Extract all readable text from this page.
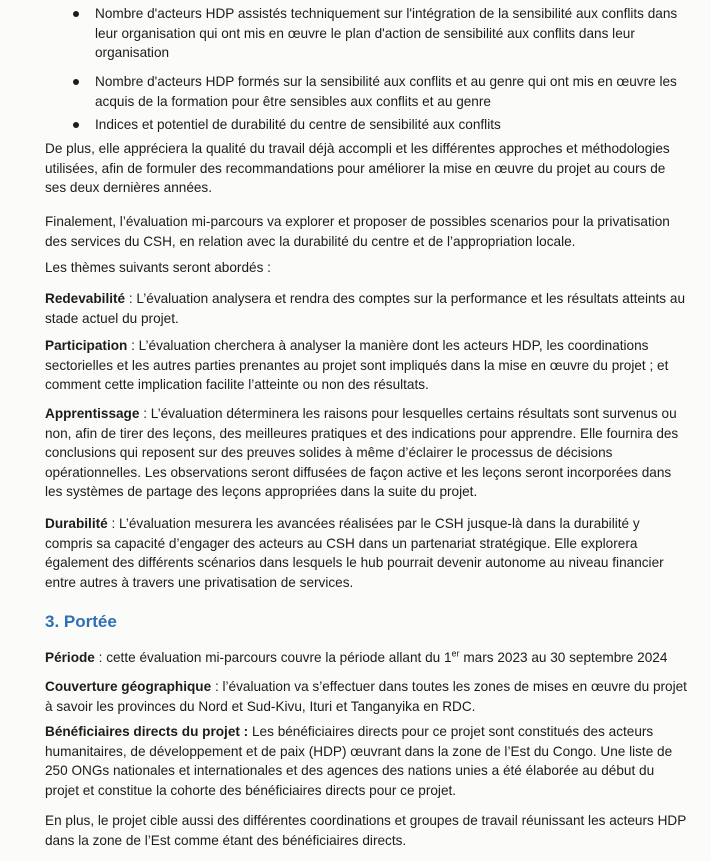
Nombre d'acteurs HDP assistés techniquement sur l'intégration de la sensibilité aux conflits dans leur organisation qui ont mis en œuvre le plan d'action de sensibilité aux conflits dans leur organisation
Nombre d'acteurs HDP formés sur la sensibilité aux conflits et au genre qui ont mis en œuvre les acquis de la formation pour être sensibles aux conflits et au genre
Indices et potentiel de durabilité du centre de sensibilité aux conflits

De plus, elle appréciera la qualité du travail déjà accompli et les différentes approches et méthodologies utilisées, afin de formuler des recommandations pour améliorer la mise en œuvre du projet au cours de ses deux dernières années.

Finalement, l’évaluation mi-parcours va explorer et proposer de possibles scenarios pour la privatisation des services du CSH, en relation avec la durabilité du centre et de l’appropriation locale.

Les thèmes suivants seront abordés :

Redevabilité : L’évaluation analysera et rendra des comptes sur la performance et les résultats atteints au stade actuel du projet.

Participation : L’évaluation cherchera à analyser la manière dont les acteurs HDP, les coordinations sectorielles et les autres parties prenantes au projet sont impliqués dans la mise en œuvre du projet ; et comment cette implication facilite l’atteinte ou non des résultats.

Apprentissage : L’évaluation déterminera les raisons pour lesquelles certains résultats sont survenus ou non, afin de tirer des leçons, des meilleures pratiques et des indications pour apprendre. Elle fournira des conclusions qui reposent sur des preuves solides à même d’éclairer le processus de décisions opérationnelles. Les observations seront diffusées de façon active et les leçons seront incorporées dans les systèmes de partage des leçons appropriées dans la suite du projet.

Durabilité : L’évaluation mesurera les avancées réalisées par le CSH jusque-là dans la durabilité y compris sa capacité d’engager des acteurs au CSH dans un partenariat stratégique. Elle explorera également des différents scénarios dans lesquels le hub pourrait devenir autonome au niveau financier entre autres à travers une privatisation de services.

3. Portée

Période : cette évaluation mi-parcours couvre la période allant du 1er mars 2023 au 30 septembre 2024

Couverture géographique : l’évaluation va s’effectuer dans toutes les zones de mises en œuvre du projet à savoir les provinces du Nord et Sud-Kivu, Ituri et Tanganyika en RDC.

Bénéficiaires directs du projet : Les bénéficiaires directs pour ce projet sont constitués des acteurs humanitaires, de développement et de paix (HDP) œuvrant dans la zone de l’Est du Congo. Une liste de 250 ONGs nationales et internationales et des agences des nations unies a été élaborée au début du projet et constitue la cohorte des bénéficiaires directs pour ce projet.

En plus, le projet cible aussi des différentes coordinations et groupes de travail réunissant les acteurs HDP dans la zone de l’Est comme étant des bénéficiaires directs.
